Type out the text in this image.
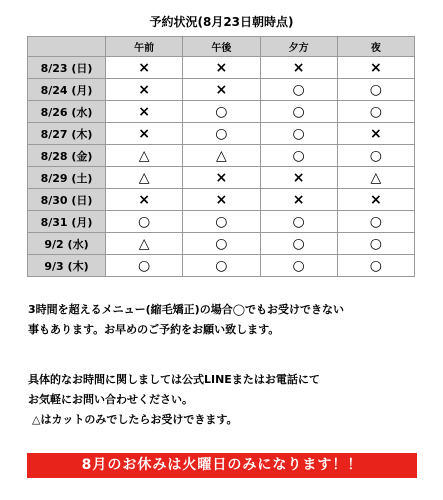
予約状況(8月23日朝時点)
	午前	午後	夕方	夜
8/23 (日)	×	×	×	×
8/24 (月)	×	×	○	○
8/26 (水)	×	○	○	○
8/27 (木)	×	○	○	×
8/28 (金)	△	△	○	○
8/29 (土)	△	×	×	△
8/30 (日)	×	×	×	×
8/31 (月)	○	○	○	○
9/2 (水)	△	○	○	○
9/3 (木)	○	○	○	○

3時間を超えるメニュー(縮毛矯正)の場合◯でもお受けできない

事もあります。お早めのご予約をお願い致します。

具体的なお時間に関しましては公式LINEまたはお電話にて

お気軽にお問い合わせください。

△はカットのみでしたらお受けできます。

8月のお休みは火曜日のみになります！！
